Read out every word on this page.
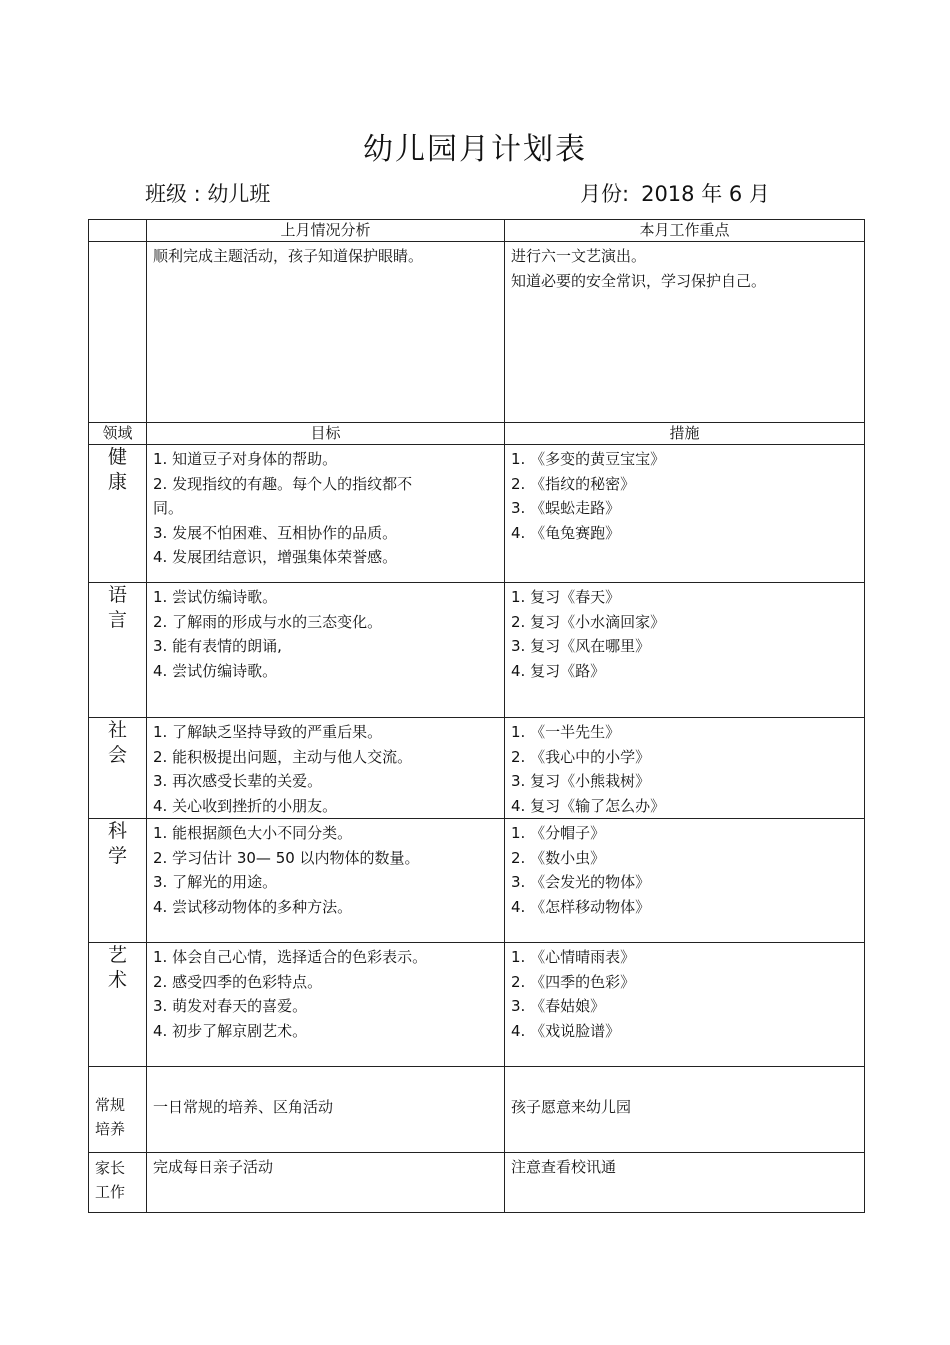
幼儿园月计划表
班级 : 幼儿班	月份: 2018 年 6 月
	上月情况分析	本月工作重点

	顺利完成主题活动，孩子知道保护眼睛。	进行六一文艺演出。
知道必要的安全常识，学习保护自己。

领域	目标	措施

健
康	1. 知道豆子对身体的帮助。
2. 发现指纹的有趣。每个人的指纹都不
同。
3. 发展不怕困难、互相协作的品质。
4. 发展团结意识，增强集体荣誉感。	1. 《多变的黄豆宝宝》
2. 《指纹的秘密》
3. 《蜈蚣走路》
4. 《龟兔赛跑》

语
言	1. 尝试仿编诗歌。
2. 了解雨的形成与水的三态变化。
3. 能有表情的朗诵,
4. 尝试仿编诗歌。	1. 复习《春天》
2. 复习《小水滴回家》
3. 复习《风在哪里》
4. 复习《路》

社
会	1. 了解缺乏坚持导致的严重后果。
2. 能积极提出问题，主动与他人交流。
3. 再次感受长辈的关爱。
4. 关心收到挫折的小朋友。	1. 《一半先生》
2. 《我心中的小学》
3. 复习《小熊栽树》
4. 复习《输了怎么办》

科
学	1. 能根据颜色大小不同分类。
2. 学习估计 30— 50 以内物体的数量。
3. 了解光的用途。
4. 尝试移动物体的多种方法。	1. 《分帽子》
2. 《数小虫》
3. 《会发光的物体》
4. 《怎样移动物体》

艺
术	1. 体会自己心情，选择适合的色彩表示。
2. 感受四季的色彩特点。
3. 萌发对春天的喜爱。
4. 初步了解京剧艺术。	1. 《心情晴雨表》
2. 《四季的色彩》
3. 《春姑娘》
4. 《戏说脸谱》

常规
培养	一日常规的培养、区角活动	孩子愿意来幼儿园

家长
工作	完成每日亲子活动	注意查看校讯通
